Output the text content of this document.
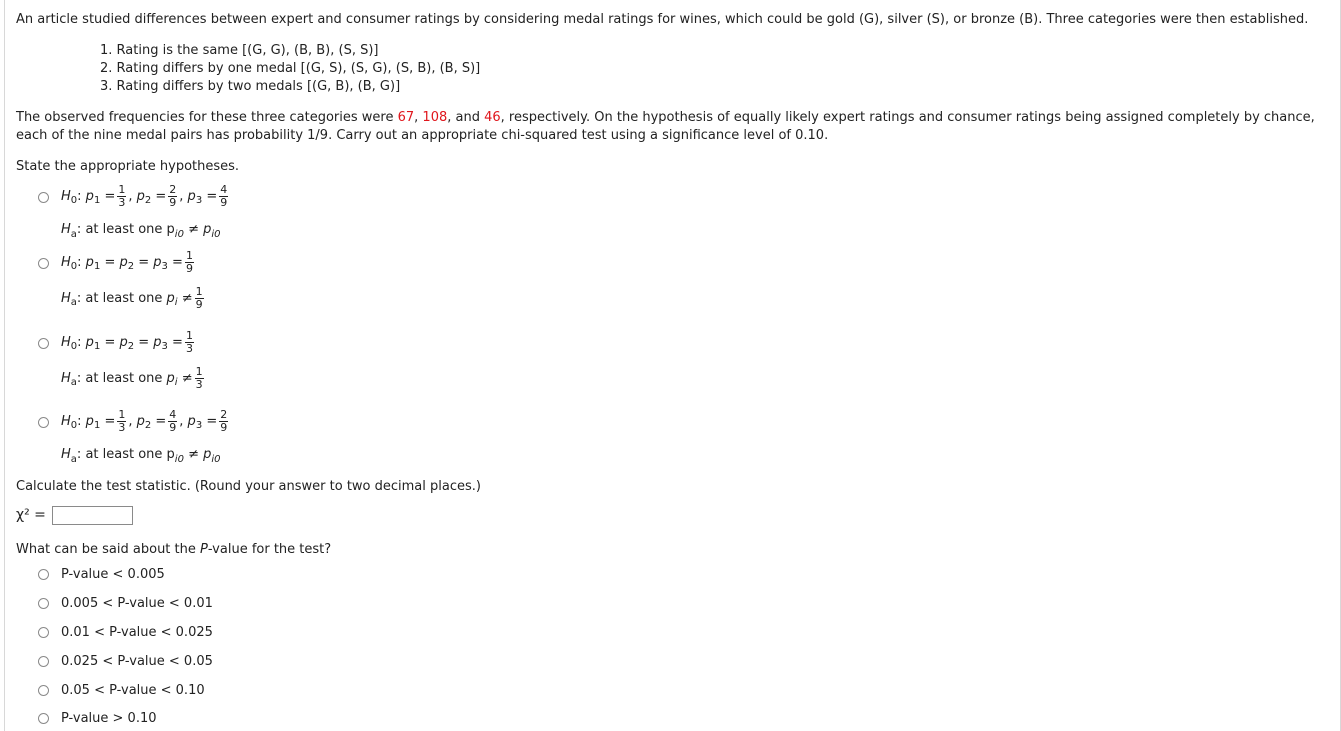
An article studied differences between expert and consumer ratings by considering medal ratings for wines, which could be gold (G), silver (S), or bronze (B). Three categories were then established.
1. Rating is the same [(G, G), (B, B), (S, S)]
2. Rating differs by one medal [(G, S), (S, G), (S, B), (B, S)]
3. Rating differs by two medals [(G, B), (B, G)]
The observed frequencies for these three categories were 67, 108, and 46, respectively. On the hypothesis of equally likely expert ratings and consumer ratings being assigned completely by chance,
each of the nine medal pairs has probability 1/9. Carry out an appropriate chi-squared test using a significance level of 0.10.
State the appropriate hypotheses.
H 0 : p $1 = \frac{1}{3}$ , p $2 = \frac{2}{9}$ , p $3 = \frac{4}{9}$
$H_a$: at least one $p_{i0} \ne p_{i0}$
H 0 : p 1 = p 2 = p $3 = \frac{1}{9}$
H a : at least one p $i \ne \frac{1}{9}$
H 0 : p 1 = p 2 = p $3 = \frac{1}{3}$
H a : at least one p $i \ne \frac{1}{3}$
H 0 : p $1 = \frac{1}{3}$ , p $2 = \frac{4}{9}$ , p $3 = \frac{2}{9}$
$H_a$: at least one $p_{i0} \ne p_{i0}$
Calculate the test statistic. (Round your answer to two decimal places.)
χ² =
What can be said about the P-value for the test?
P-value < 0.005
0.005 < P-value < 0.01
0.01 < P-value < 0.025
0.025 < P-value < 0.05
0.05 < P-value < 0.10
P-value > 0.10
